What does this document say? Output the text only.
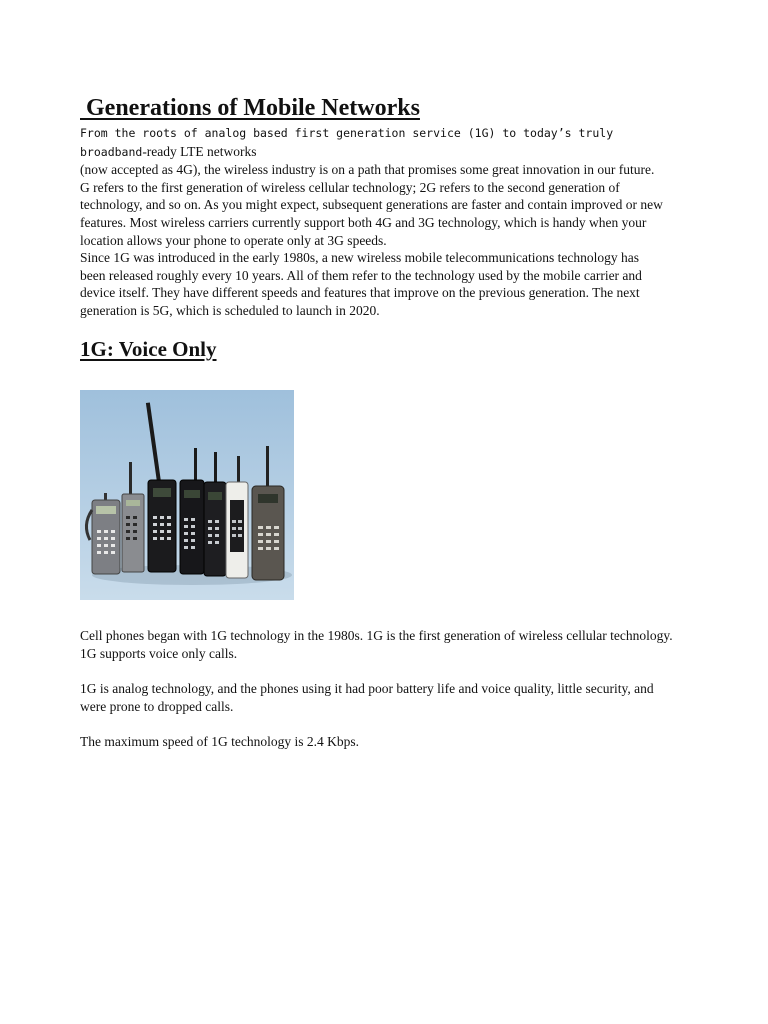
Generations of Mobile Networks

From the roots of analog based first generation service (1G) to today’s truly broadband-ready LTE networks
(now accepted as 4G), the wireless industry is on a path that promises some great innovation in our future.
G refers to the first generation of wireless cellular technology; 2G refers to the second generation of
technology, and so on. As you might expect, subsequent generations are faster and contain improved or new
features. Most wireless carriers currently support both 4G and 3G technology, which is handy when your
location allows your phone to operate only at 3G speeds.
Since 1G was introduced in the early 1980s, a new wireless mobile telecommunications technology has
been released roughly every 10 years. All of them refer to the technology used by the mobile carrier and
device itself. They have different speeds and features that improve on the previous generation. The next
generation is 5G, which is scheduled to launch in 2020.

1G: Voice Only

Cell phones began with 1G technology in the 1980s. 1G is the first generation of wireless cellular technology. 1G supports voice only calls.

1G is analog technology, and the phones using it had poor battery life and voice quality, little security, and were prone to dropped calls.

The maximum speed of 1G technology is 2.4 Kbps.
